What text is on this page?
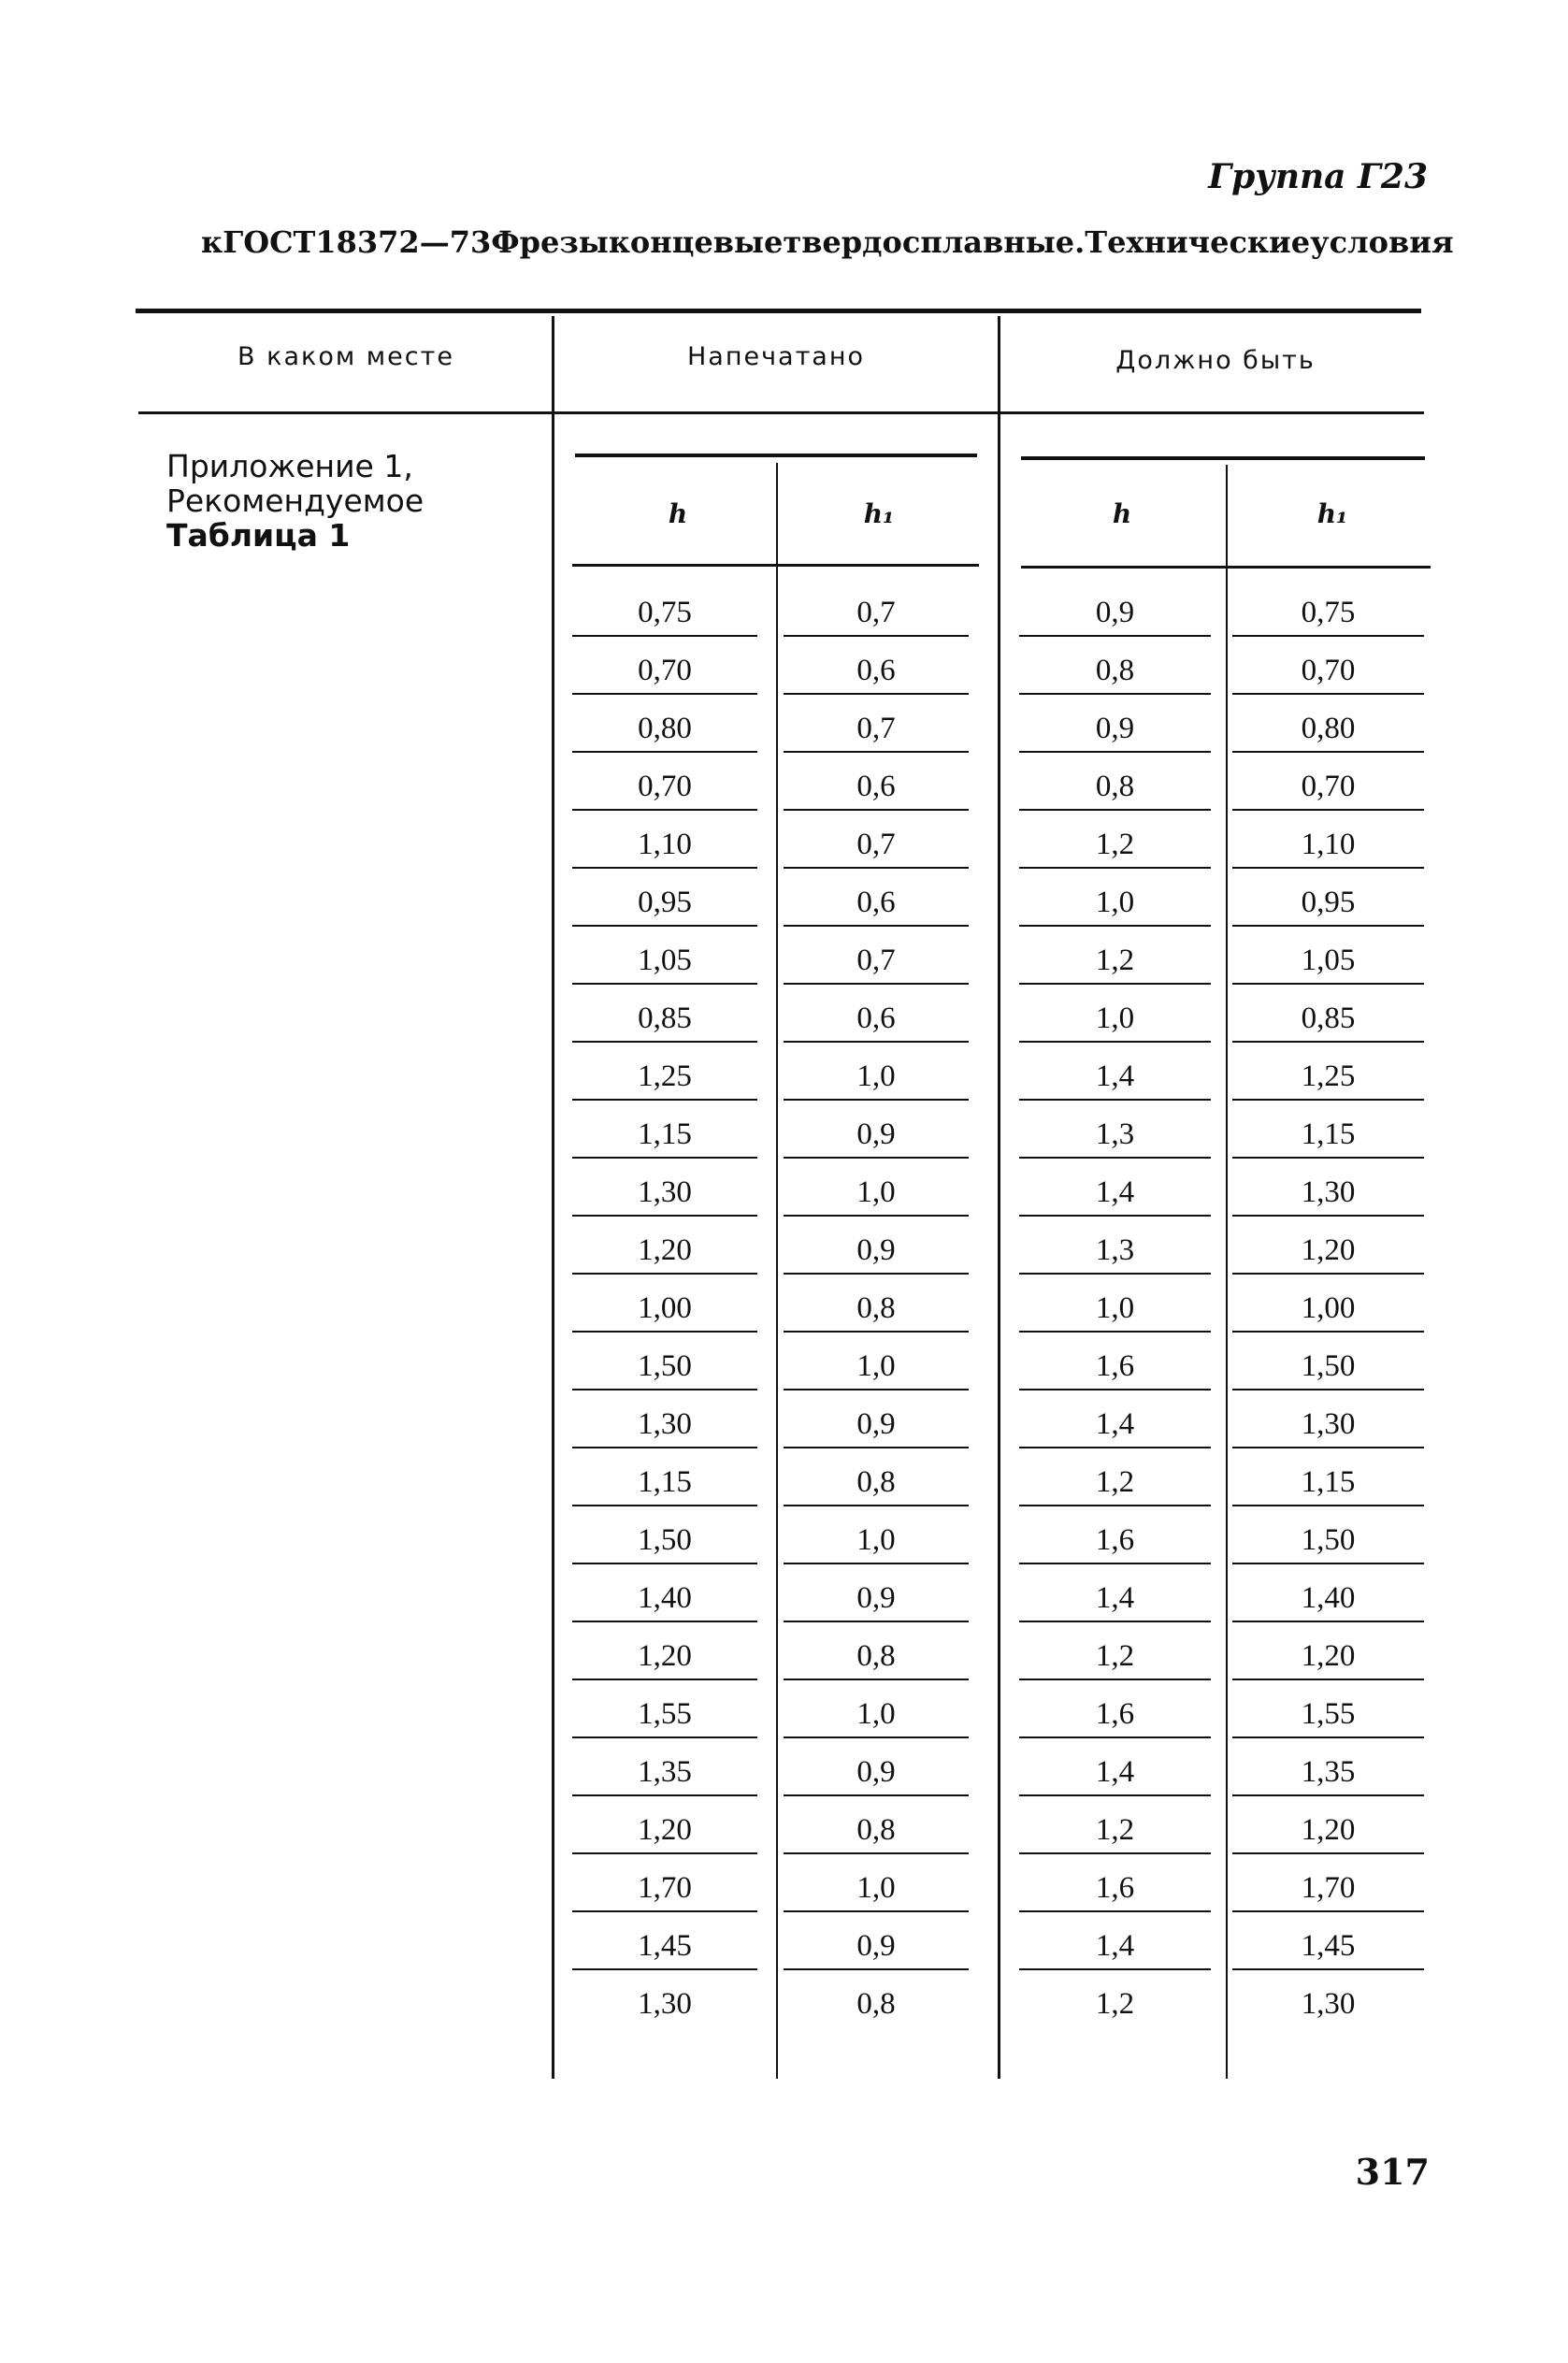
Группа Г23
к ГОСТ 18372—73 Фрезы концевые твердосплавные. Технические условия
В каком месте	Напечатано	Должно быть
Приложение 1,
Рекомендуемое
Таблица 1
h	h₁	h	h₁
0,75	0,7	0,9	0,75
0,70	0,6	0,8	0,70
0,80	0,7	0,9	0,80
0,70	0,6	0,8	0,70
1,10	0,7	1,2	1,10
0,95	0,6	1,0	0,95
1,05	0,7	1,2	1,05
0,85	0,6	1,0	0,85
1,25	1,0	1,4	1,25
1,15	0,9	1,3	1,15
1,30	1,0	1,4	1,30
1,20	0,9	1,3	1,20
1,00	0,8	1,0	1,00
1,50	1,0	1,6	1,50
1,30	0,9	1,4	1,30
1,15	0,8	1,2	1,15
1,50	1,0	1,6	1,50
1,40	0,9	1,4	1,40
1,20	0,8	1,2	1,20
1,55	1,0	1,6	1,55
1,35	0,9	1,4	1,35
1,20	0,8	1,2	1,20
1,70	1,0	1,6	1,70
1,45	0,9	1,4	1,45
1,30	0,8	1,2	1,30
317
